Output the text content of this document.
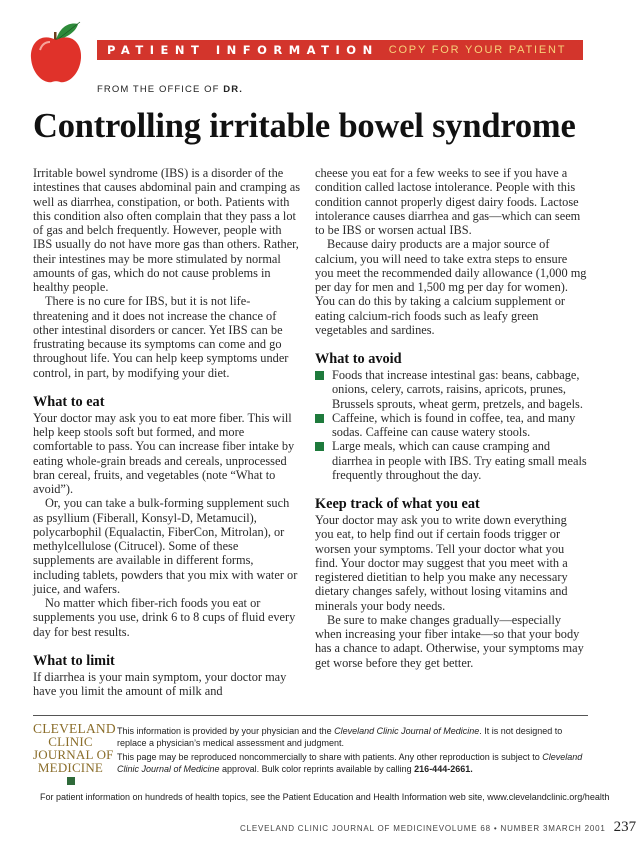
PATIENT INFORMATION COPY FOR YOUR PATIENT
FROM THE OFFICE OF DR.
Controlling irritable bowel syndrome

Irritable bowel syndrome (IBS) is a disorder of the intestines that causes abdominal pain and cramping as well as diarrhea, constipation, or both. Patients with this condition also often complain that they pass a lot of gas and belch frequently. However, people with IBS usually do not have more gas than others. Rather, their intestines may be more stimulated by normal amounts of gas, which do not cause problems in healthy people.

There is no cure for IBS, but it is not life-threatening and it does not increase the chance of other intestinal disorders or cancer. Yet IBS can be frustrating because its symptoms can come and go throughout life. You can help keep symptoms under control, in part, by modifying your diet.

What to eat

Your doctor may ask you to eat more fiber. This will help keep stools soft but formed, and more comfortable to pass. You can increase fiber intake by eating whole-grain breads and cereals, unprocessed bran cereal, fruits, and vegetables (note “What to avoid”).

Or, you can take a bulk-forming supplement such as psyllium (Fiberall, Konsyl-D, Metamucil), polycarbophil (Equalactin, FiberCon, Mitrolan), or methylcellulose (Citrucel). Some of these supplements are available in different forms, including tablets, powders that you mix with water or juice, and wafers.

No matter which fiber-rich foods you eat or supplements you use, drink 6 to 8 cups of fluid every day for best results.

What to limit

If diarrhea is your main symptom, your doctor may have you limit the amount of milk and

cheese you eat for a few weeks to see if you have a condition called lactose intolerance. People with this condition cannot properly digest dairy foods. Lactose intolerance causes diarrhea and gas—which can seem to be IBS or worsen actual IBS.

Because dairy products are a major source of calcium, you will need to take extra steps to ensure you meet the recommended daily allowance (1,000 mg per day for men and 1,500 mg per day for women). You can do this by taking a calcium supplement or eating calcium-rich foods such as leafy green vegetables and sardines.

What to avoid
Foods that increase intestinal gas: beans, cabbage, onions, celery, carrots, raisins, apricots, prunes, Brussels sprouts, wheat germ, pretzels, and bagels.
Caffeine, which is found in coffee, tea, and many sodas. Caffeine can cause watery stools.
Large meals, which can cause cramping and diarrhea in people with IBS. Try eating small meals frequently throughout the day.
Keep track of what you eat

Your doctor may ask you to write down everything you eat, to help find out if certain foods trigger or worsen your symptoms. Tell your doctor what you find. Your doctor may suggest that you meet with a registered dietitian to help you make any necessary dietary changes safely, without losing vitamins and minerals your body needs.

Be sure to make changes gradually—especially when increasing your fiber intake—so that your body has a chance to adapt. Otherwise, your symptoms may get worse before they get better.

CLEVELAND
CLINIC
JOURNAL OF
MEDICINE

This information is provided by your physician and the Cleveland Clinic Journal of Medicine. It is not designed to replace a physician’s medical assessment and judgment.

This page may be reproduced noncommercially to share with patients. Any other reproduction is subject to Cleveland Clinic Journal of Medicine approval. Bulk color reprints available by calling 216-444-2661.

For patient information on hundreds of health topics, see the Patient Education and Health Information web site, www.clevelandclinic.org/health
CLEVELAND CLINIC JOURNAL OF MEDICINE VOLUME 68 • NUMBER 3 MARCH 2001 237
